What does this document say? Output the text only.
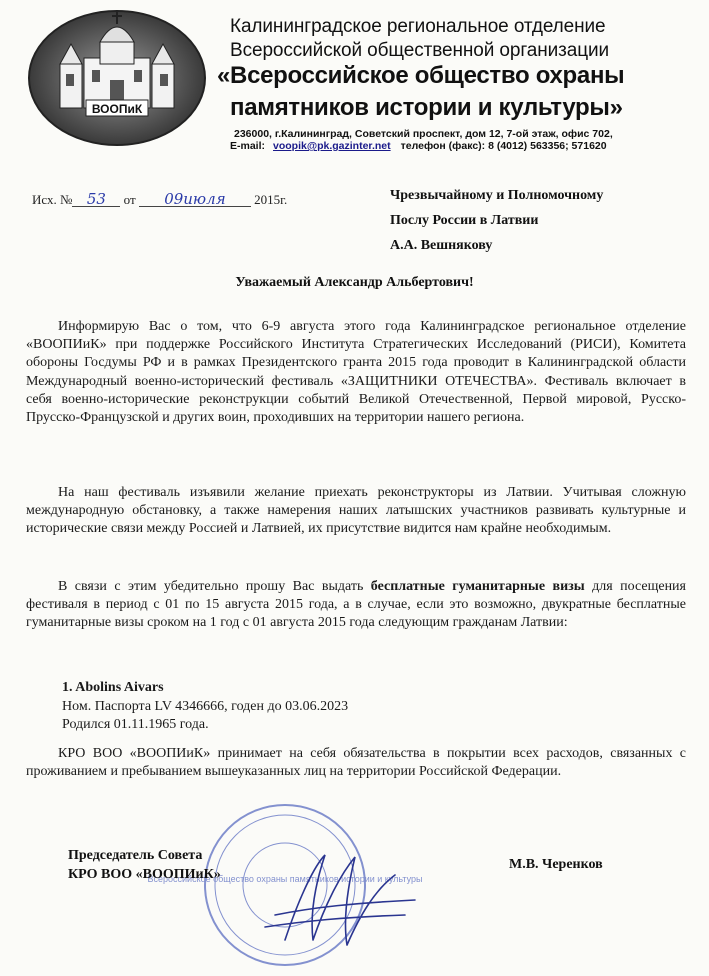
ВООПиК
Калининградское региональное отделение
Всероссийской общественной организации
«Всероссийское общество охраны
памятников истории и культуры»
236000, г.Калининград, Советский проспект, дом 12, 7-ой этаж, офис 702,
E-mail: voopik@pk.gazinter.net телефон (факс): 8 (4012) 563356; 571620
Исх. № 53 от 09июля 2015г.	Чрезвычайному и Полномочному
Послу России в Латвии
А.А. Вешнякову
Уважаемый Александр Альбертович!
Информирую Вас о том, что 6-9 августа этого года Калининградское региональное отделение «ВООПИиК» при поддержке Российского Института Стратегических Исследований (РИСИ), Комитета обороны Госдумы РФ и в рамках Президентского гранта 2015 года проводит в Калининградской области Международный военно-исторический фестиваль «ЗАЩИТНИКИ ОТЕЧЕСТВА». Фестиваль включает в себя военно-исторические реконструкции событий Великой Отечественной, Первой мировой, Русско-Прусско-Французской и других воин, проходивших на территории нашего региона.
На наш фестиваль изъявили желание приехать реконструкторы из Латвии. Учитывая сложную международную обстановку, а также намерения наших латышских участников развивать культурные и исторические связи между Россией и Латвией, их присутствие видится нам крайне необходимым.
В связи с этим убедительно прошу Вас выдать бесплатные гуманитарные визы для посещения фестиваля в период с 01 по 15 августа 2015 года, а в случае, если это возможно, двукратные бесплатные гуманитарные визы сроком на 1 год с 01 августа 2015 года следующим гражданам Латвии:
1. Abolins Aivars
Ном. Паспорта LV 4346666, годен до 03.06.2023
Родился 01.11.1965 года.
КРО ВОО «ВООПИиК» принимает на себя обязательства в покрытии всех расходов, связанных с проживанием и пребыванием вышеуказанных лиц на территории Российской Федерации.
Всероссийское общество охраны памятников истории и культуры
Председатель Совета
КРО ВОО «ВООПИиК»
М.В. Черенков
